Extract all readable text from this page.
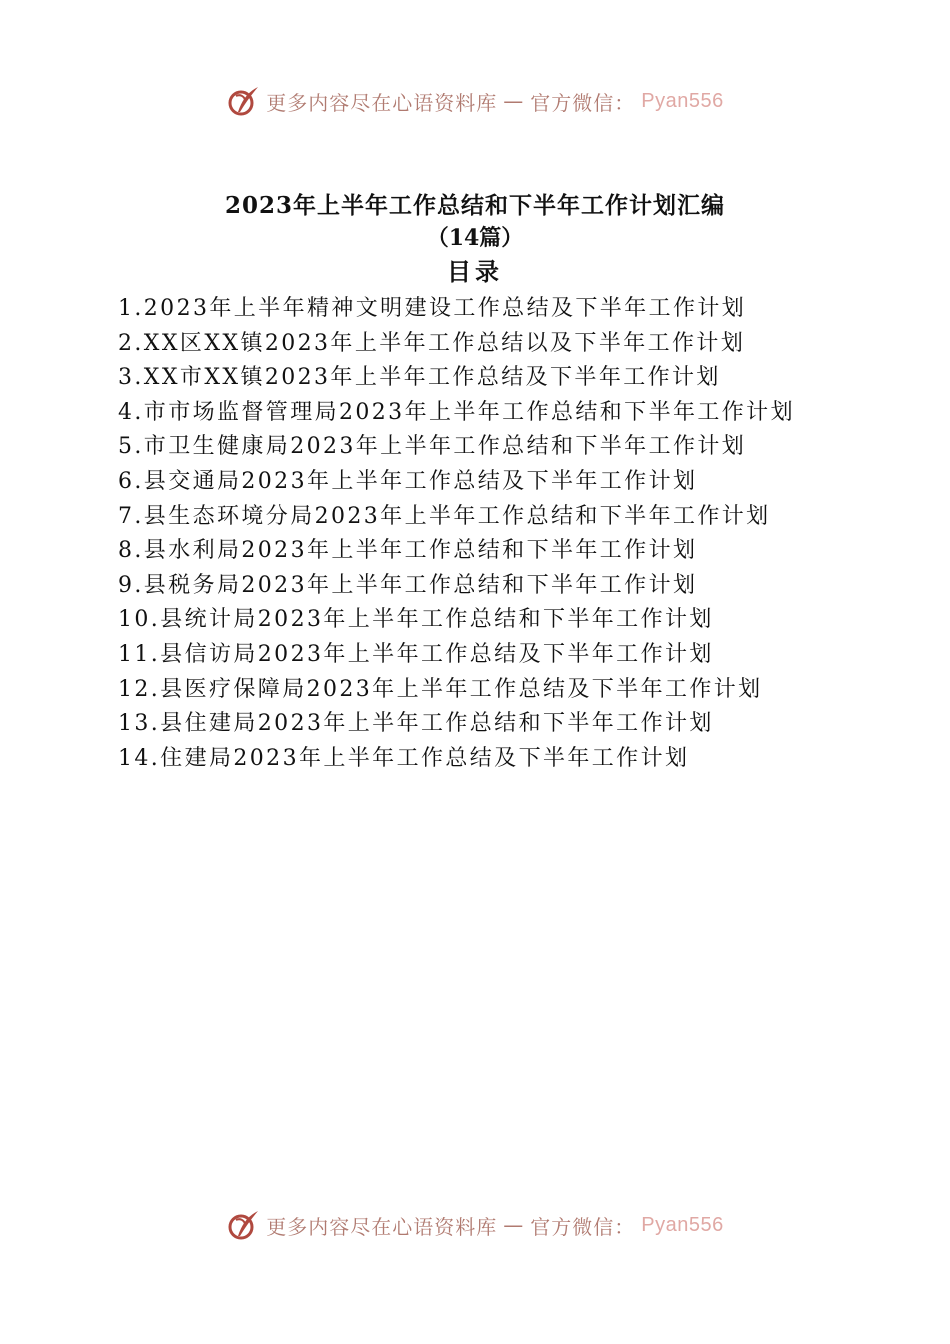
更多内容尽在心语资料库 — 官方微信： Pyan556

2023年上半年工作总结和下半年工作计划汇编

（14篇）

目录

1.2023年上半年精神文明建设工作总结及下半年工作计划
2.XX区XX镇2023年上半年工作总结以及下半年工作计划
3.XX市XX镇2023年上半年工作总结及下半年工作计划
4.市市场监督管理局2023年上半年工作总结和下半年工作计划
5.市卫生健康局2023年上半年工作总结和下半年工作计划
6.县交通局2023年上半年工作总结及下半年工作计划
7.县生态环境分局2023年上半年工作总结和下半年工作计划
8.县水利局2023年上半年工作总结和下半年工作计划
9.县税务局2023年上半年工作总结和下半年工作计划
10.县统计局2023年上半年工作总结和下半年工作计划
11.县信访局2023年上半年工作总结及下半年工作计划
12.县医疗保障局2023年上半年工作总结及下半年工作计划
13.县住建局2023年上半年工作总结和下半年工作计划
14.住建局2023年上半年工作总结及下半年工作计划
更多内容尽在心语资料库 — 官方微信： Pyan556
